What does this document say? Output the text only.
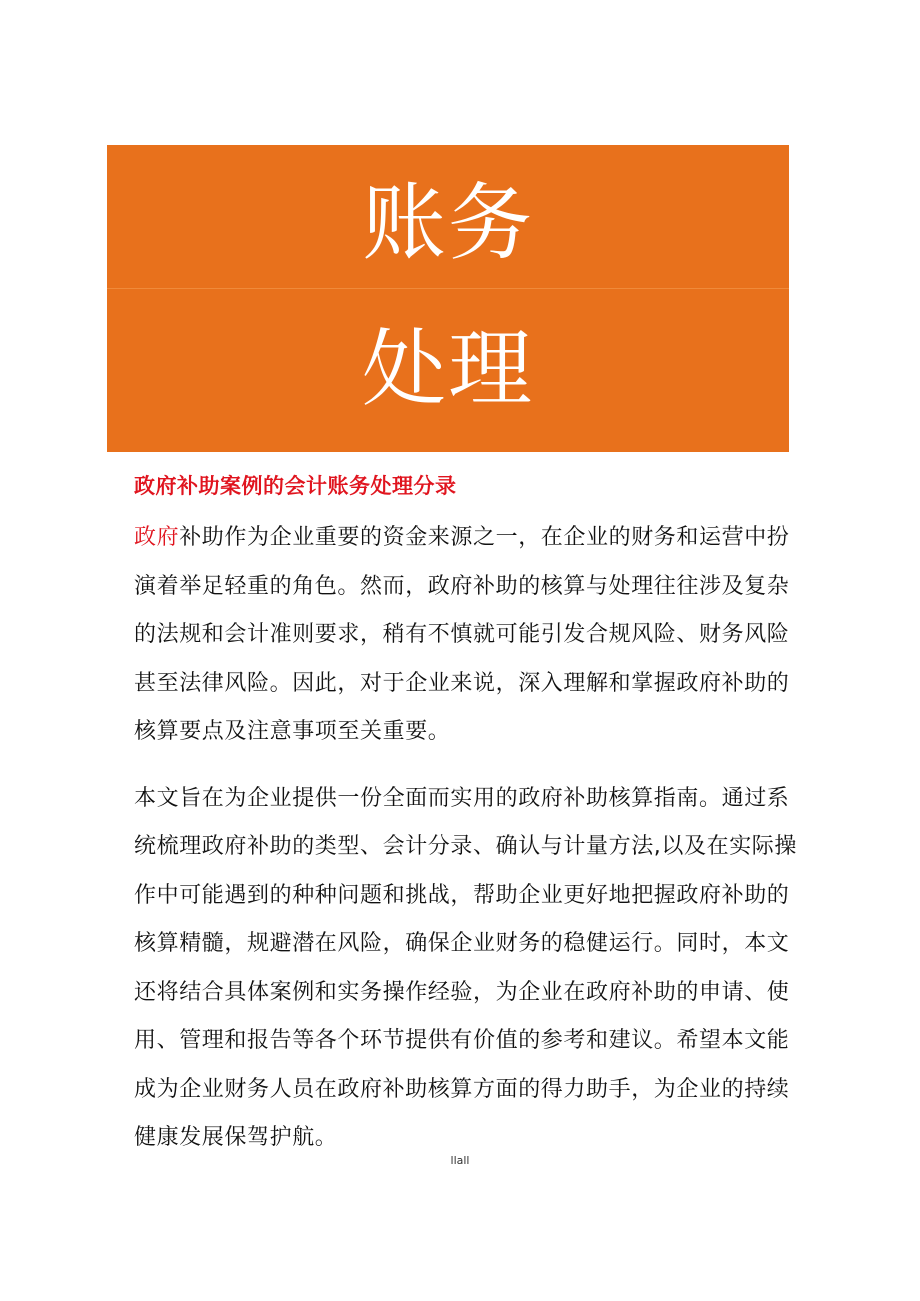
账务
处理
政府补助案例的会计账务处理分录

政府补助作为企业重要的资金来源之一，在企业的财务和运营中扮演着举足轻重的角色。然而，政府补助的核算与处理往往涉及复杂的法规和会计准则要求，稍有不慎就可能引发合规风险、财务风险甚至法律风险。因此，对于企业来说，深入理解和掌握政府补助的核算要点及注意事项至关重要。

本文旨在为企业提供一份全面而实用的政府补助核算指南。通过系统梳理政府补助的类型、会计分录、确认与计量方法,以及在实际操作中可能遇到的种种问题和挑战，帮助企业更好地把握政府补助的核算精髓，规避潜在风险，确保企业财务的稳健运行。同时，本文还将结合具体案例和实务操作经验，为企业在政府补助的申请、使用、管理和报告等各个环节提供有价值的参考和建议。希望本文能成为企业财务人员在政府补助核算方面的得力助手，为企业的持续健康发展保驾护航。

llall
